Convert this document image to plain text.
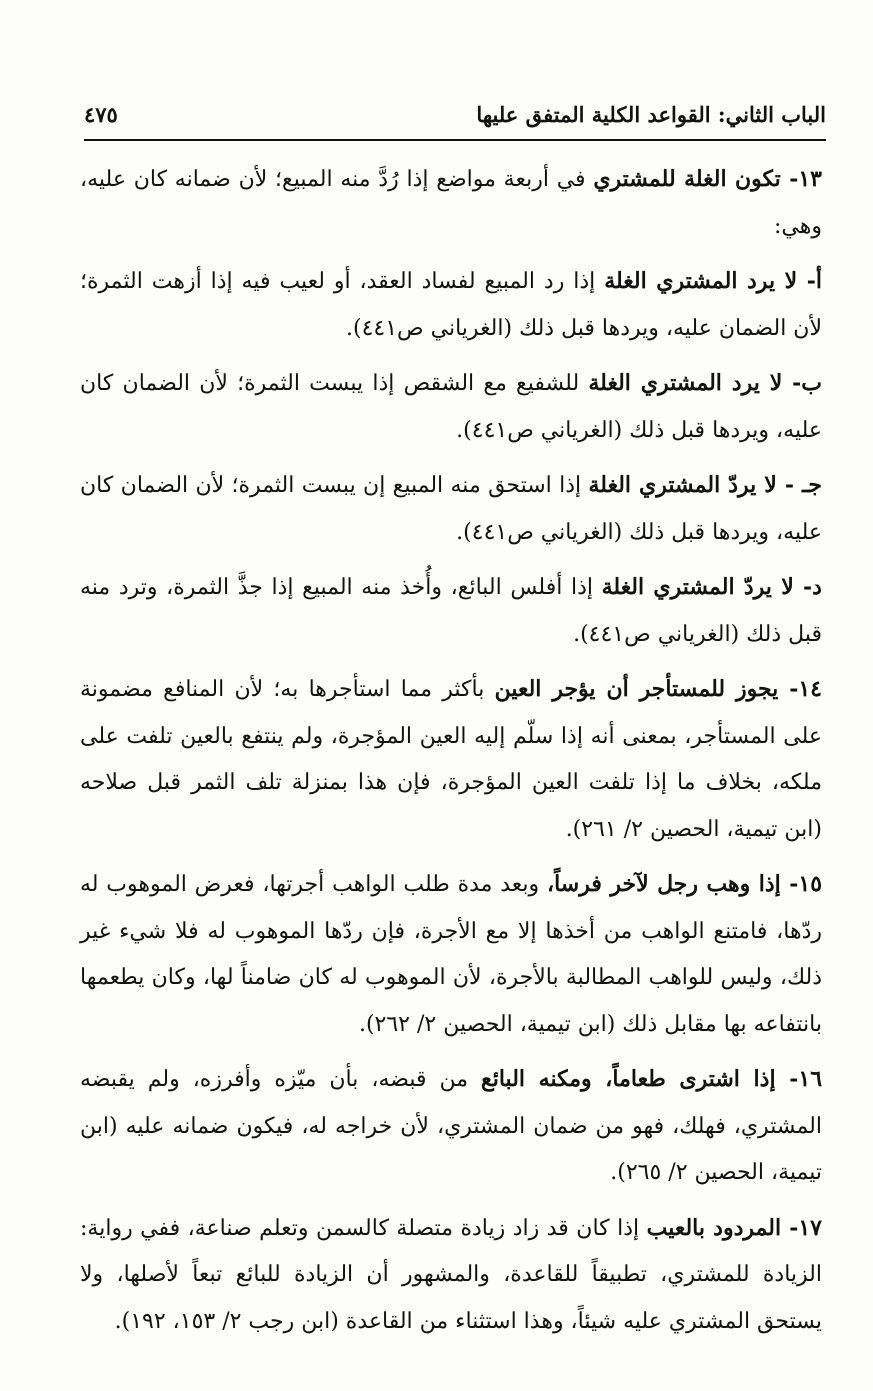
الباب الثاني: القواعد الكلية المتفق عليها
٤٧٥

١٣- تكون الغلة للمشتري في أربعة مواضع إذا رُدَّ منه المبيع؛ لأن ضمانه كان عليه، وهي:

أ- لا يرد المشتري الغلة إذا رد المبيع لفساد العقد، أو لعيب فيه إذا أزهت الثمرة؛ لأن الضمان عليه، ويردها قبل ذلك (الغرياني ص٤٤١).

ب- لا يرد المشتري الغلة للشفيع مع الشقص إذا يبست الثمرة؛ لأن الضمان كان عليه، ويردها قبل ذلك (الغرياني ص٤٤١).

جـ - لا يردّ المشتري الغلة إذا استحق منه المبيع إن يبست الثمرة؛ لأن الضمان كان عليه، ويردها قبل ذلك (الغرياني ص٤٤١).

د- لا يردّ المشتري الغلة إذا أفلس البائع، وأُخذ منه المبيع إذا جذَّ الثمرة، وترد منه قبل ذلك (الغرياني ص٤٤١).

١٤- يجوز للمستأجر أن يؤجر العين بأكثر مما استأجرها به؛ لأن المنافع مضمونة على المستأجر، بمعنى أنه إذا سلّم إليه العين المؤجرة، ولم ينتفع بالعين تلفت على ملكه، بخلاف ما إذا تلفت العين المؤجرة، فإن هذا بمنزلة تلف الثمر قبل صلاحه (ابن تيمية، الحصين ٢/ ٢٦١).

١٥- إذا وهب رجل لآخر فرساً، وبعد مدة طلب الواهب أجرتها، فعرض الموهوب له ردّها، فامتنع الواهب من أخذها إلا مع الأجرة، فإن ردّها الموهوب له فلا شيء غير ذلك، وليس للواهب المطالبة بالأجرة، لأن الموهوب له كان ضامناً لها، وكان يطعمها بانتفاعه بها مقابل ذلك (ابن تيمية، الحصين ٢/ ٢٦٢).

١٦- إذا اشترى طعاماً، ومكنه البائع من قبضه، بأن ميّزه وأفرزه، ولم يقبضه المشتري، فهلك، فهو من ضمان المشتري، لأن خراجه له، فيكون ضمانه عليه (ابن تيمية، الحصين ٢/ ٢٦٥).

١٧- المردود بالعيب إذا كان قد زاد زيادة متصلة كالسمن وتعلم صناعة، ففي رواية: الزيادة للمشتري، تطبيقاً للقاعدة، والمشهور أن الزيادة للبائع تبعاً لأصلها، ولا يستحق المشتري عليه شيئاً، وهذا استثناء من القاعدة (ابن رجب ٢/ ١٥٣، ١٩٢).
